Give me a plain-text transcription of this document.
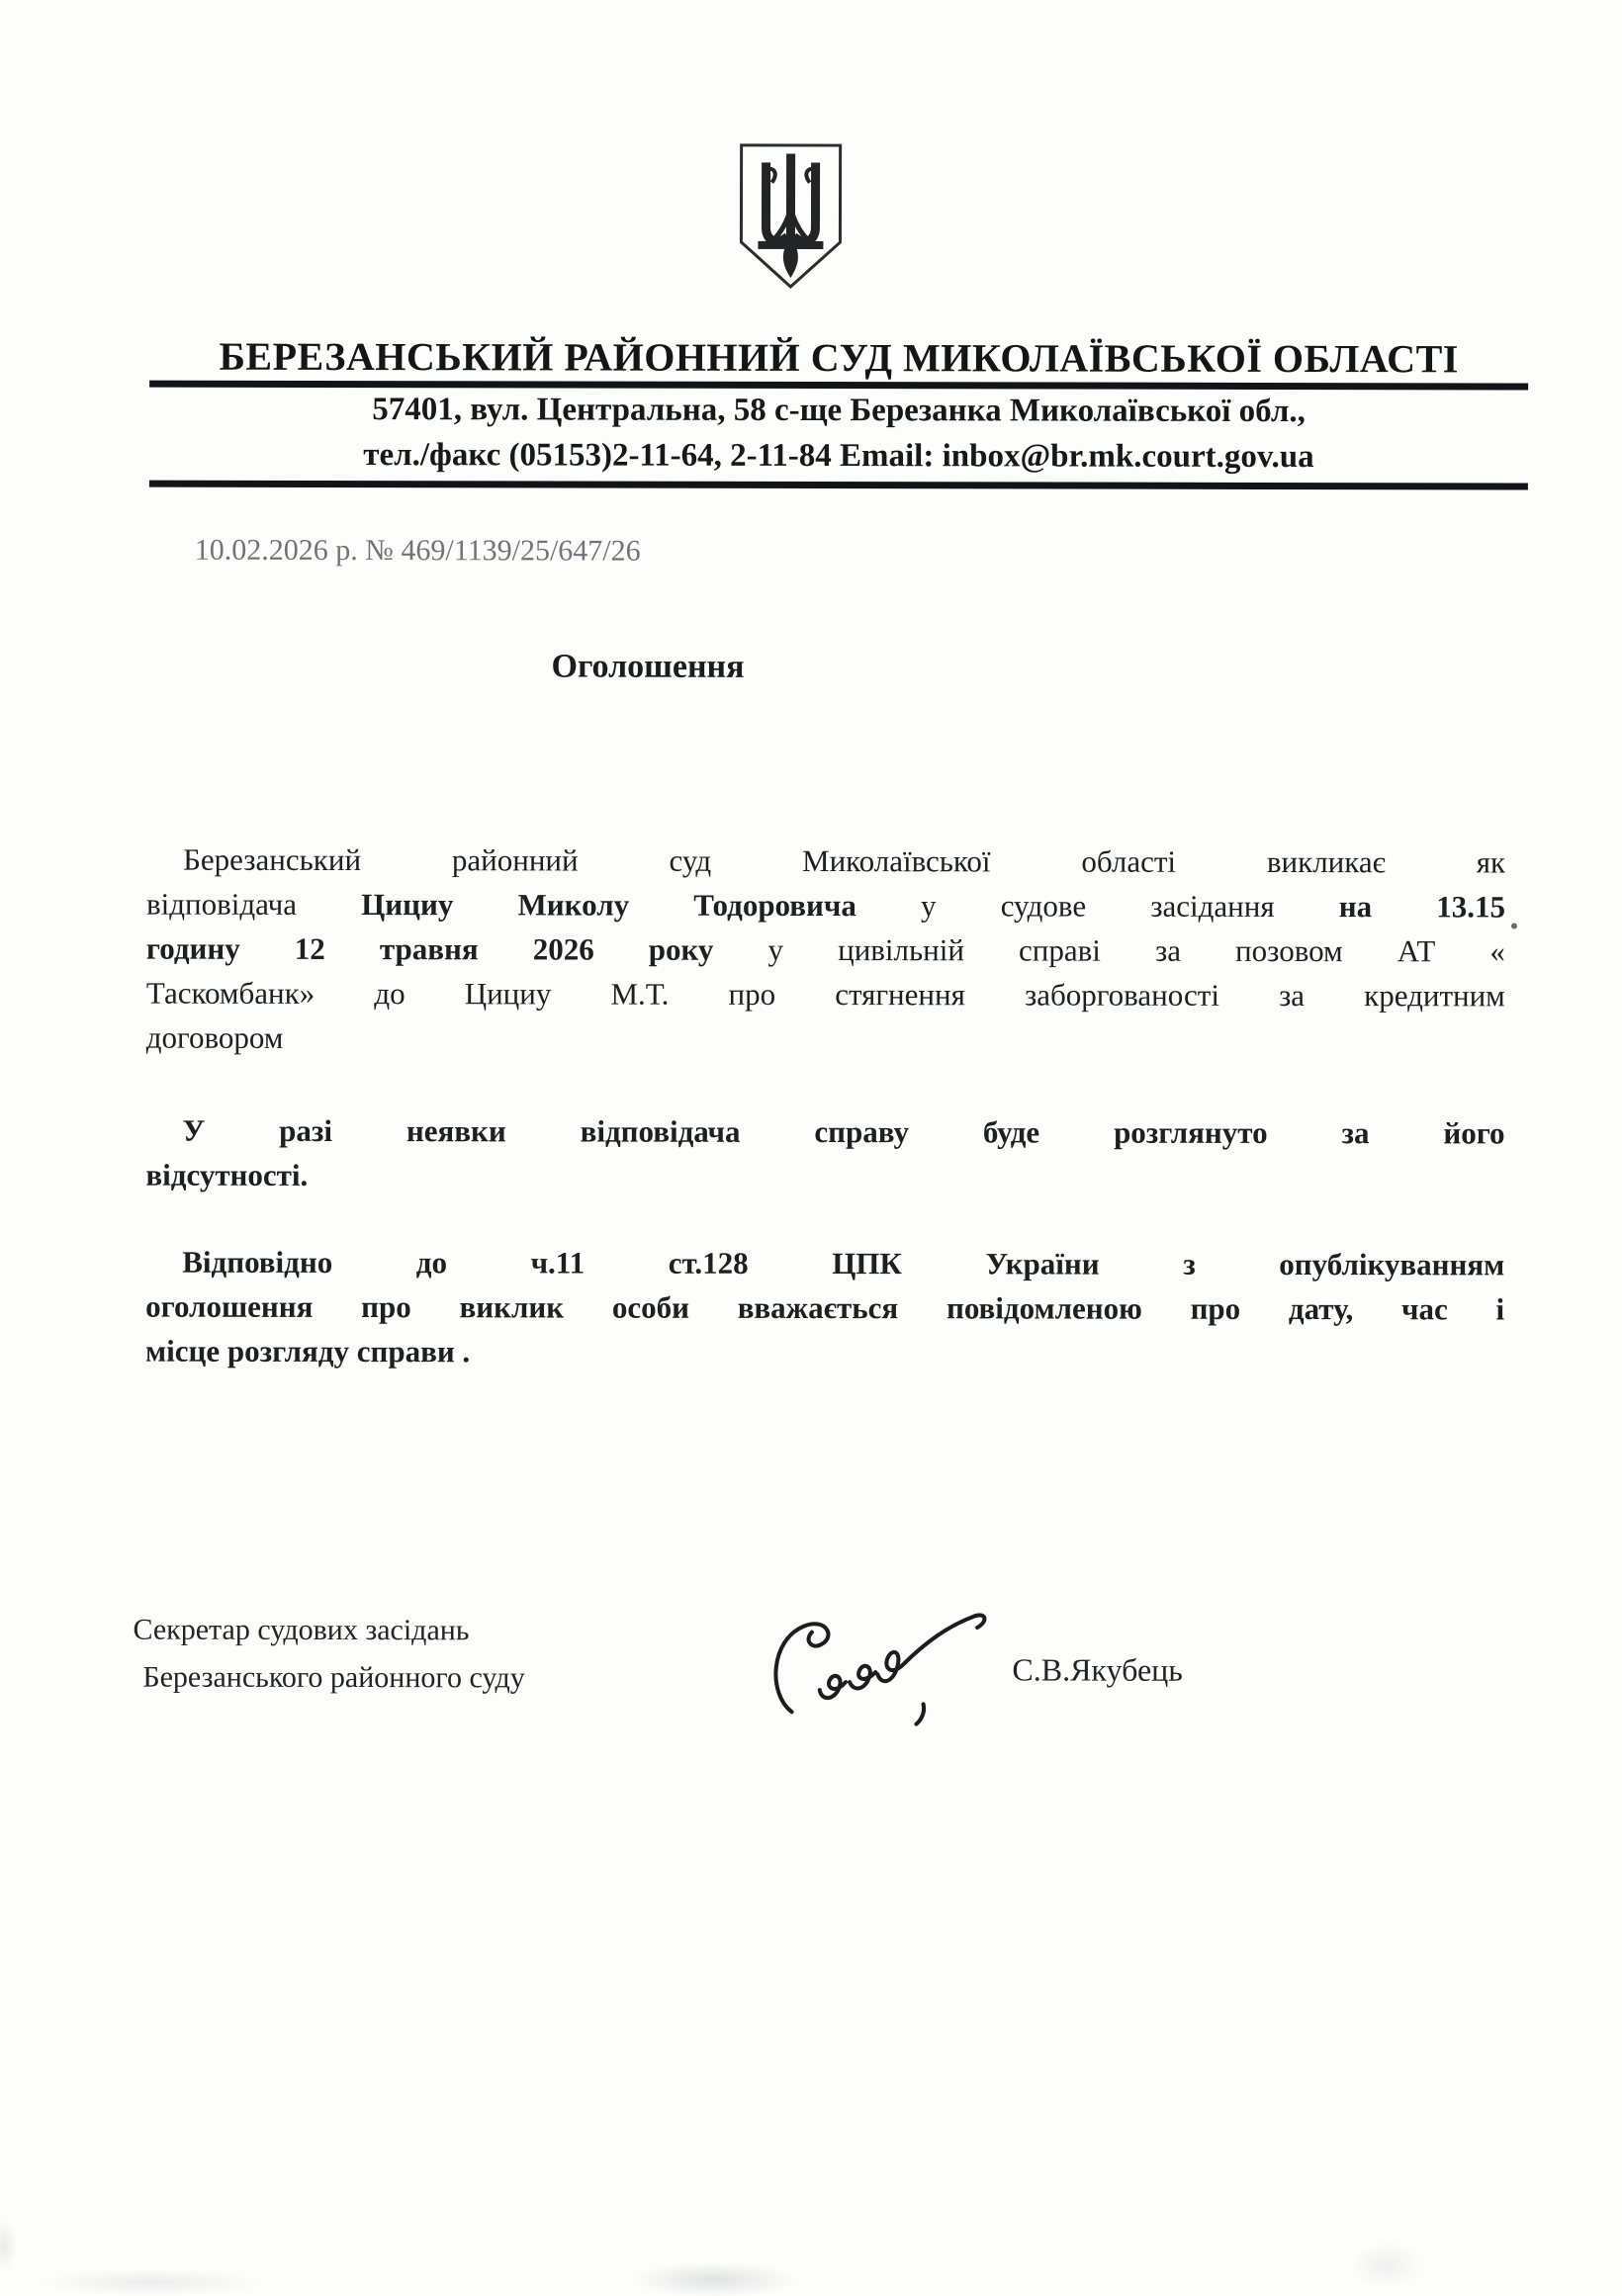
БЕРЕЗАНСЬКИЙ РАЙОННИЙ СУД МИКОЛАЇВСЬКОЇ ОБЛАСТІ
57401, вул. Центральна, 58 с-ще Березанка Миколаївської обл.,
тел./факс (05153)2-11-64, 2-11-84 Email: inbox@br.mk.court.gov.ua
10.02.2026 р. № 469/1139/25/647/26
Оголошення
Березанський районний суд Миколаївської області викликає як
відповідача Цициу Миколу Тодоровича у судове засідання на 13.15
годину 12 травня 2026 року у цивільній справі за позовом АТ «
Таскомбанк» до Цициу М.Т. про стягнення заборгованості за кредитним
договором
У разі неявки відповідача справу буде розглянуто за його
відсутності.
Відповідно до ч.11 ст.128 ЦПК України з опублікуванням
оголошення про виклик особи вважається повідомленою про дату, час і
місце розгляду справи .
Секретар судових засідань
Березанського районного суду	С.В.Якубець
